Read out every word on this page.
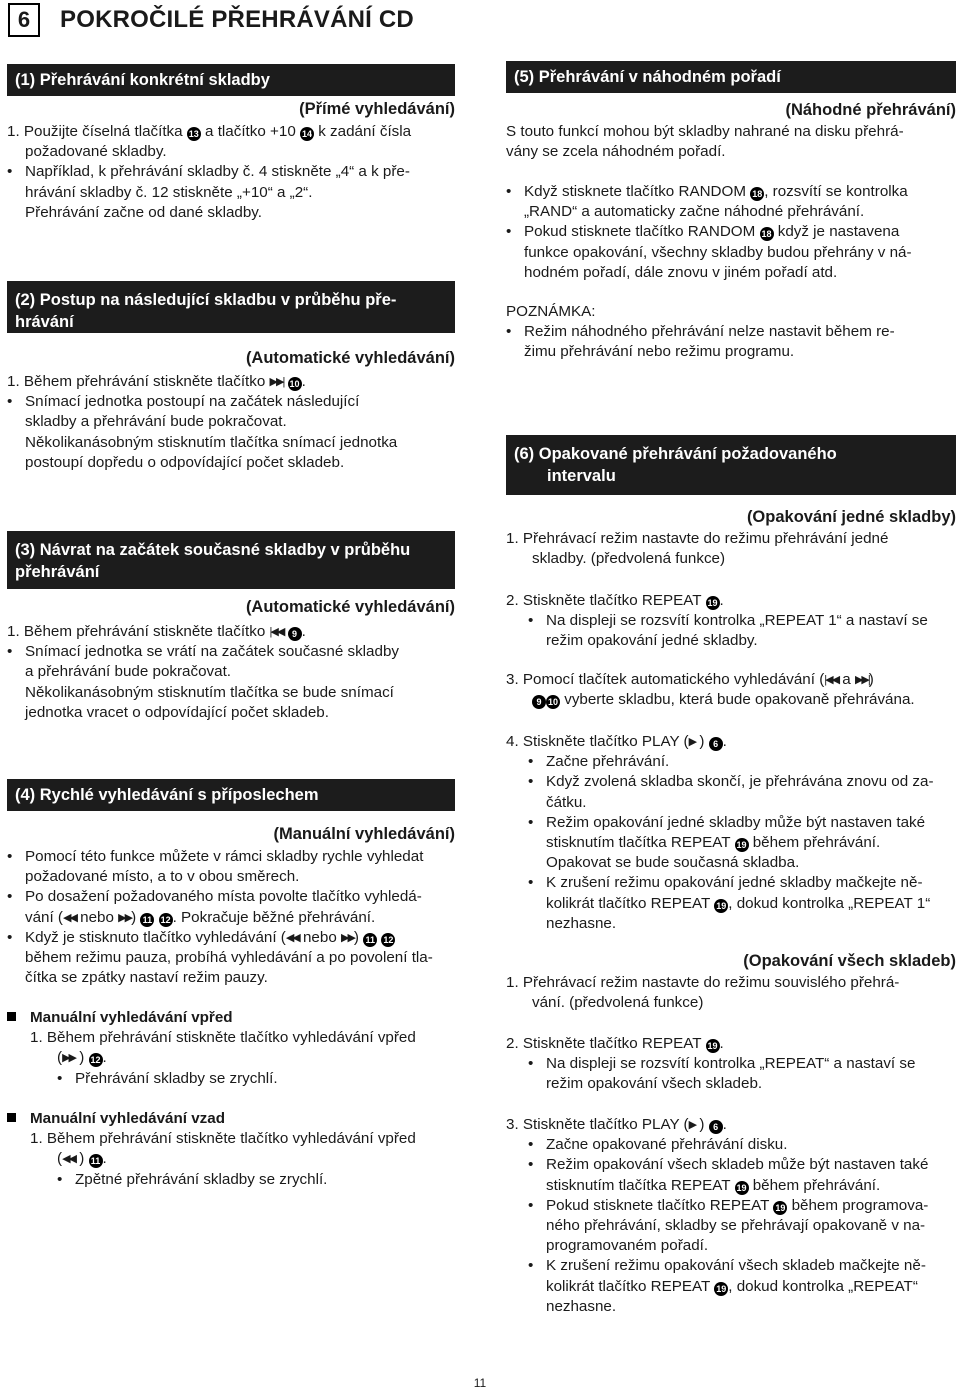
6	POKROČILÉ PŘEHRÁVÁNÍ CD
(1) Přehrávání konkrétní skladby
(Přímé vyhledávání)
1. Použijte číselná tlačítka 13 a tlačítko +10 14 k zadání čísla
požadované skladby.
• Například, k přehrávání skladby č. 4 stiskněte „4“ a k pře-
hrávání skladby č. 12 stiskněte „+10“ a „2“.
Přehrávání začne od dané skladby.
(2) Postup na následující skladbu v průběhu pře-
hrávání
(Automatické vyhledávání)
1. Během přehrávání stiskněte tlačítko ▶▶| 10 .
• Snímací jednotka postoupí na začátek následující
skladby a přehrávání bude pokračovat.
Několikanásobným stisknutím tlačítka snímací jednotka
postoupí dopředu o odpovídající počet skladeb.
(3) Návrat na začátek současné skladby v průběhu
přehrávání
(Automatické vyhledávání)
1. Během přehrávání stiskněte tlačítko |◀◀ 9 .
• Snímací jednotka se vrátí na začátek současné skladby
a přehrávání bude pokračovat.
Několikanásobným stisknutím tlačítka se bude snímací
jednotka vracet o odpovídající počet skladeb.
(4) Rychlé vyhledávání s příposlechem
(Manuální vyhledávání)
• Pomocí této funkce můžete v rámci skladby rychle vyhledat
požadované místo, a to v obou směrech.
• Po dosažení požadovaného místa povolte tlačítko vyhledá-
vání (◀◀ nebo ▶▶) 11 12 . Pokračuje běžné přehrávání.
• Když je stisknuto tlačítko vyhledávání (◀◀ nebo ▶▶) 11 12
během režimu pauza, probíhá vyhledávání a po povolení tla-
čítka se zpátky nastaví režim pauzy.
Manuální vyhledávání vpřed
1. Během přehrávání stiskněte tlačítko vyhledávání vpřed
(▶▶ ) 12 .
• Přehrávání skladby se zrychlí.
Manuální vyhledávání vzad
1. Během přehrávání stiskněte tlačítko vyhledávání vpřed
(◀◀ ) 11 .
• Zpětné přehrávání skladby se zrychlí.
(5) Přehrávání v náhodném pořadí
(Náhodné přehrávání)
S touto funkcí mohou být skladby nahrané na disku přehrá-
vány se zcela náhodném pořadí.
• Když stisknete tlačítko RANDOM 18 , rozsvítí se kontrolka
„RAND“ a automaticky začne náhodné přehrávání.
• Pokud stisknete tlačítko RANDOM 18 když je nastavena
funkce opakování, všechny skladby budou přehrány v ná-
hodném pořadí, dále znovu v jiném pořadí atd.
POZNÁMKA:
• Režim náhodného přehrávání nelze nastavit během re-
žimu přehrávání nebo režimu programu.
(6) Opakované přehrávání požadovaného
intervalu
(Opakování jedné skladby)
1. Přehrávací režim nastavte do režimu přehrávání jedné
skladby. (předvolená funkce)
2. Stiskněte tlačítko REPEAT 19 .
• Na displeji se rozsvítí kontrolka „REPEAT 1“ a nastaví se
režim opakování jedné skladby.
3. Pomocí tlačítek automatického vyhledávání (|◀◀ a ▶▶|)
9 10 vyberte skladbu, která bude opakovaně přehrávána.
4. Stiskněte tlačítko PLAY (▶ ) 6 .
• Začne přehrávání.
• Když zvolená skladba skončí, je přehrávána znovu od za-
čátku.
• Režim opakování jedné skladby může být nastaven také
stisknutím tlačítka REPEAT 19 během přehrávání.
Opakovat se bude současná skladba.
• K zrušení režimu opakování jedné skladby mačkejte ně-
kolikrát tlačítko REPEAT 19 , dokud kontrolka „REPEAT 1“
nezhasne.
(Opakování všech skladeb)
1. Přehrávací režim nastavte do režimu souvislého přehrá-
vání. (předvolená funkce)
2. Stiskněte tlačítko REPEAT 19 .
• Na displeji se rozsvítí kontrolka „REPEAT“ a nastaví se
režim opakování všech skladeb.
3. Stiskněte tlačítko PLAY (▶ ) 6 .
• Začne opakované přehrávání disku.
• Režim opakování všech skladeb může být nastaven také
stisknutím tlačítka REPEAT 19 během přehrávání.
• Pokud stisknete tlačítko REPEAT 19 během programova-
ného přehrávání, skladby se přehrávají opakovaně v na-
programovaném pořadí.
• K zrušení režimu opakování všech skladeb mačkejte ně-
kolikrát tlačítko REPEAT 19 , dokud kontrolka „REPEAT“
nezhasne.
11
